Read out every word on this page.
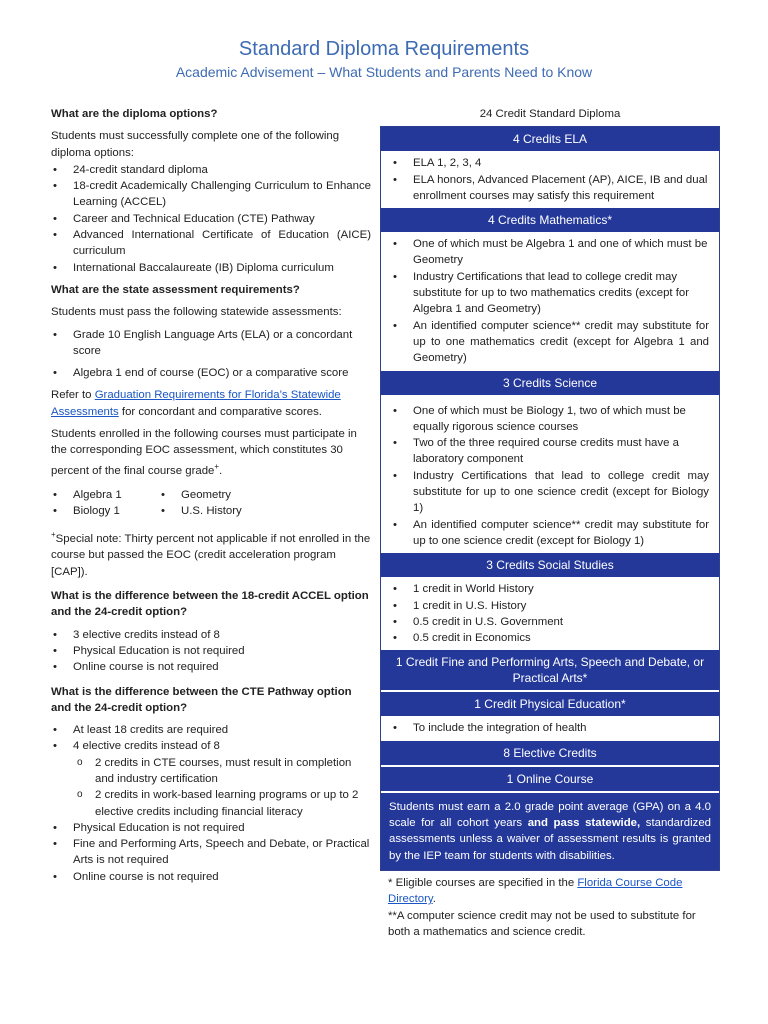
Standard Diploma Requirements
Academic Advisement – What Students and Parents Need to Know
What are the diploma options?

Students must successfully complete one of the following diploma options:

• 24-credit standard diploma
• 18-credit Academically Challenging Curriculum to Enhance Learning (ACCEL)
• Career and Technical Education (CTE) Pathway
• Advanced International Certificate of Education (AICE) curriculum
• International Baccalaureate (IB) Diploma curriculum
What are the state assessment requirements?

Students must pass the following statewide assessments:

• Grade 10 English Language Arts (ELA) or a concordant score
• Algebra 1 end of course (EOC) or a comparative score

Refer to Graduation Requirements for Florida’s Statewide Assessments for concordant and comparative scores.

Students enrolled in the following courses must participate in the corresponding EOC assessment, which constitutes 30 percent of the final course grade+.

• Algebra 1
• Biology 1
• Geometry
• U.S. History

+Special note: Thirty percent not applicable if not enrolled in the course but passed the EOC (credit acceleration program [CAP]).

What is the difference between the 18-credit ACCEL option and the 24-credit option?
• 3 elective credits instead of 8
• Physical Education is not required
• Online course is not required
What is the difference between the CTE Pathway option and the 24-credit option?
• At least 18 credits are required
• 4 elective credits instead of 8
o 2 credits in CTE courses, must result in completion and industry certification
o 2 credits in work-based learning programs or up to 2 elective credits including financial literacy
• Physical Education is not required
• Fine and Performing Arts, Speech and Debate, or Practical Arts is not required
• Online course is not required
24 Credit Standard Diploma
4 Credits ELA
• ELA 1, 2, 3, 4
• ELA honors, Advanced Placement (AP), AICE, IB and dual enrollment courses may satisfy this requirement
4 Credits Mathematics*
• One of which must be Algebra 1 and one of which must be Geometry
• Industry Certifications that lead to college credit may substitute for up to two mathematics credits (except for Algebra 1 and Geometry)
• An identified computer science** credit may substitute for up to one mathematics credit (except for Algebra 1 and Geometry)
3 Credits Science
• One of which must be Biology 1, two of which must be equally rigorous science courses
• Two of the three required course credits must have a laboratory component
• Industry Certifications that lead to college credit may substitute for up to one science credit (except for Biology 1)
• An identified computer science** credit may substitute for up to one science credit (except for Biology 1)
3 Credits Social Studies
• 1 credit in World History
• 1 credit in U.S. History
• 0.5 credit in U.S. Government
• 0.5 credit in Economics
1 Credit Fine and Performing Arts, Speech and Debate, or Practical Arts*
1 Credit Physical Education*
• To include the integration of health
8 Elective Credits
1 Online Course
Students must earn a 2.0 grade point average (GPA) on a 4.0 scale for all cohort years and pass statewide, standardized assessments unless a waiver of assessment results is granted by the IEP team for students with disabilities.

* Eligible courses are specified in the Florida Course Code Directory.

**A computer science credit may not be used to substitute for both a mathematics and science credit.
